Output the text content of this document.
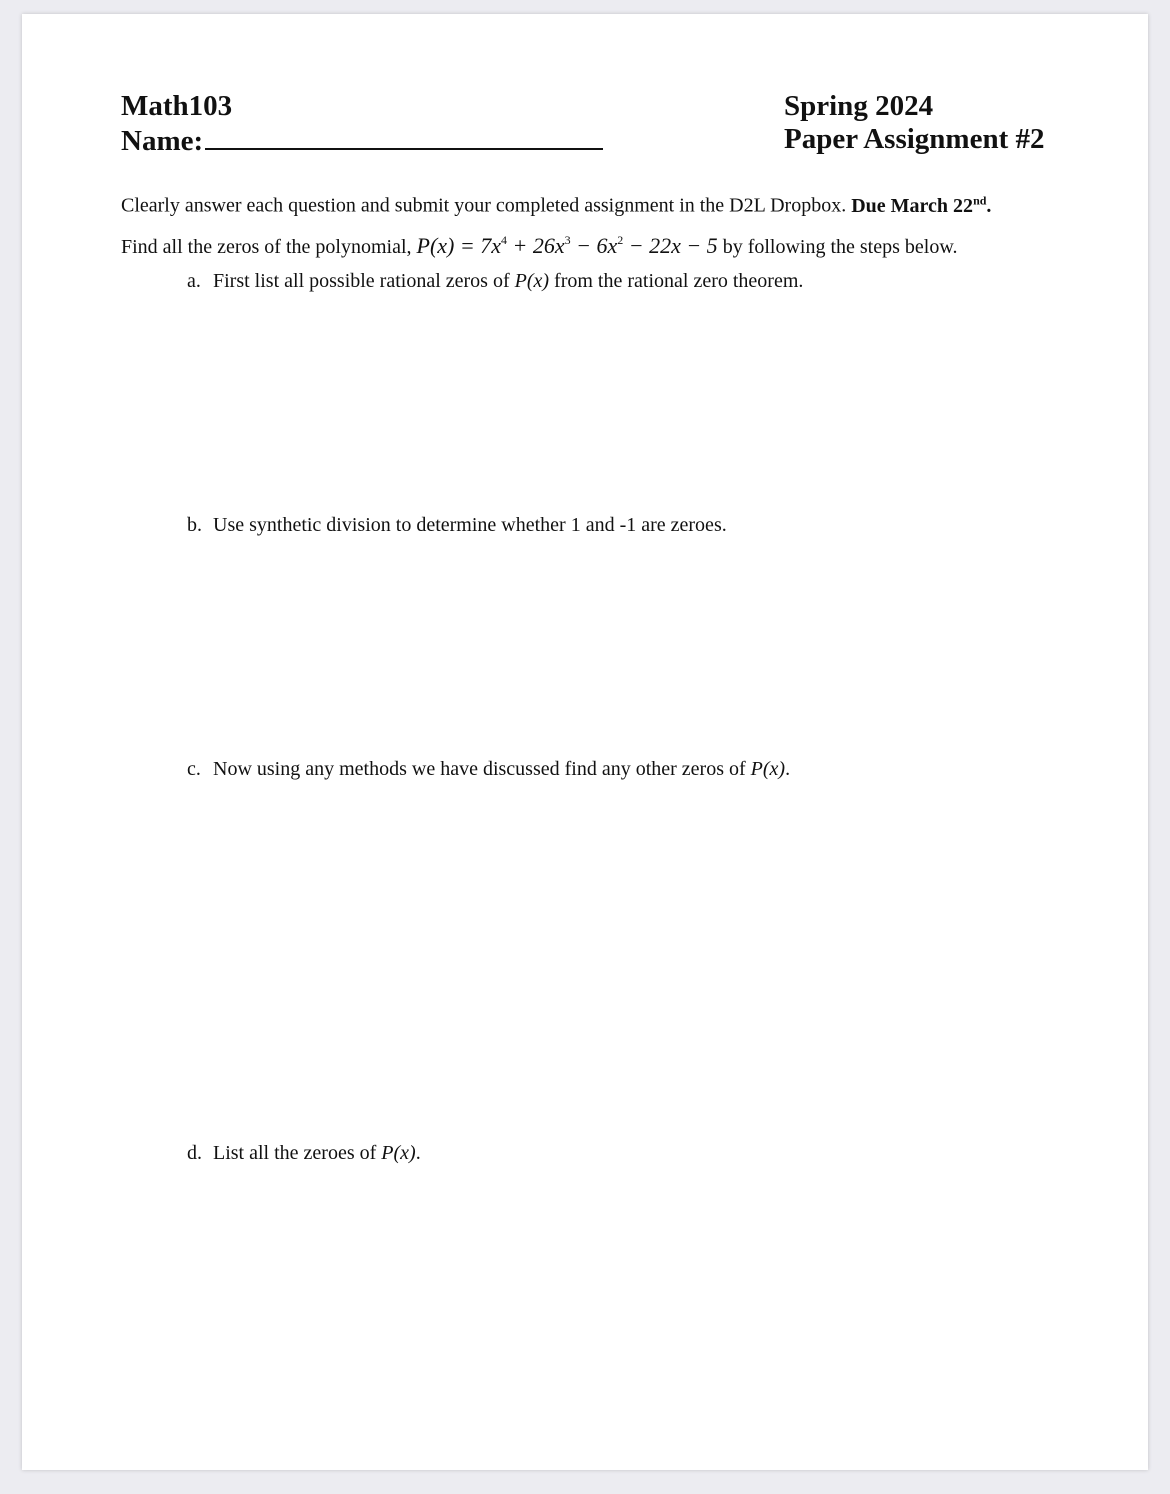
Math103
Name:
Spring 2024
Paper Assignment #2
Clearly answer each question and submit your completed assignment in the D2L Dropbox. Due March 22nd.
Find all the zeros of the polynomial, $P(x) = 7x^4 + 26x^3 - 6x^2 - 22x - 5$ by following the steps below.
a. First list all possible rational zeros of P(x) from the rational zero theorem.
b. Use synthetic division to determine whether 1 and -1 are zeroes.
c. Now using any methods we have discussed find any other zeros of P(x).
d. List all the zeroes of P(x).
